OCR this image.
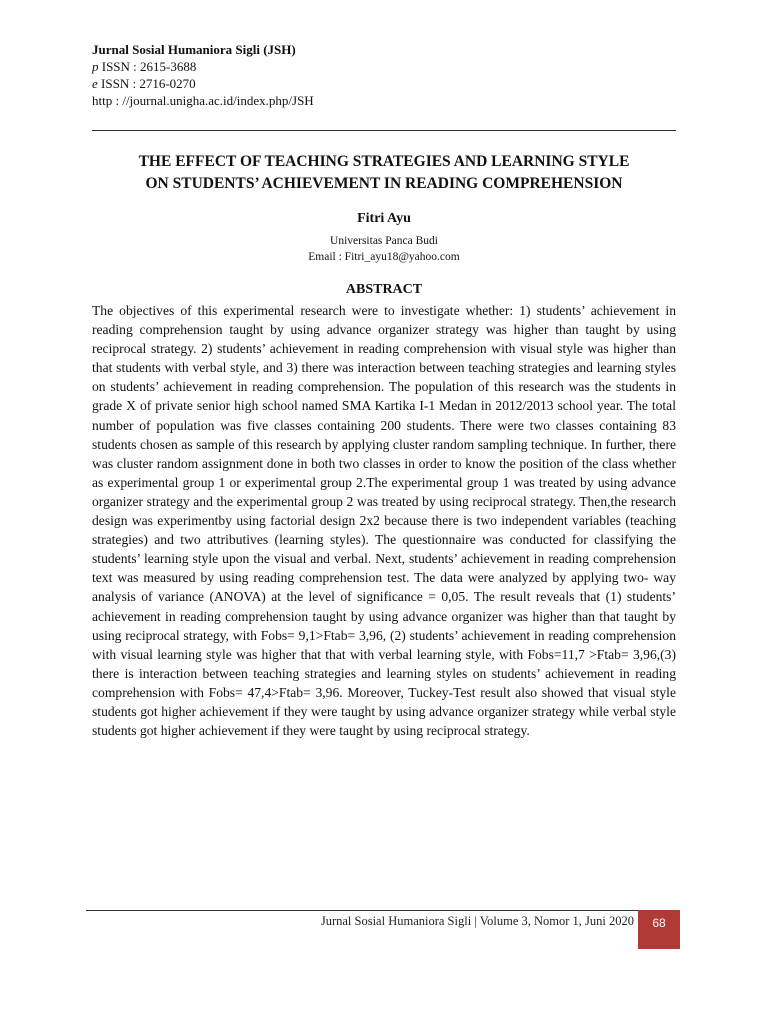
Jurnal Sosial Humaniora Sigli (JSH)
p ISSN : 2615-3688
e ISSN : 2716-0270
http : //journal.unigha.ac.id/index.php/JSH
THE EFFECT OF TEACHING STRATEGIES AND LEARNING STYLE
ON STUDENTS’ ACHIEVEMENT IN READING COMPREHENSION
Fitri Ayu
Universitas Panca Budi
Email : Fitri_ayu18@yahoo.com
ABSTRACT
The objectives of this experimental research were to investigate whether: 1) students’ achievement in reading comprehension taught by using advance organizer strategy was higher than taught by using reciprocal strategy. 2) students’ achievement in reading comprehension with visual style was higher than that students with verbal style, and 3) there was interaction between teaching strategies and learning styles on students’ achievement in reading comprehension. The population of this research was the students in grade X of private senior high school named SMA Kartika I-1 Medan in 2012/2013 school year. The total number of population was five classes containing 200 students. There were two classes containing 83 students chosen as sample of this research by applying cluster random sampling technique. In further, there was cluster random assignment done in both two classes in order to know the position of the class whether as experimental group 1 or experimental group 2.The experimental group 1 was treated by using advance organizer strategy and the experimental group 2 was treated by using reciprocal strategy. Then,the research design was experimentby using factorial design 2x2 because there is two independent variables (teaching strategies) and two attributives (learning styles). The questionnaire was conducted for classifying the students’ learning style upon the visual and verbal. Next, students’ achievement in reading comprehension text was measured by using reading comprehension test. The data were analyzed by applying two- way analysis of variance (ANOVA) at the level of significance = 0,05. The result reveals that (1) students’ achievement in reading comprehension taught by using advance organizer was higher than that taught by using reciprocal strategy, with Fobs= 9,1>Ftab= 3,96, (2) students’ achievement in reading comprehension with visual learning style was higher that that with verbal learning style, with Fobs=11,7 >Ftab= 3,96,(3) there is interaction between teaching strategies and learning styles on students’ achievement in reading comprehension with Fobs= 47,4>Ftab= 3,96. Moreover, Tuckey-Test result also showed that visual style students got higher achievement if they were taught by using advance organizer strategy while verbal style students got higher achievement if they were taught by using reciprocal strategy.
Jurnal Sosial Humaniora Sigli | Volume 3, Nomor 1, Juni 2020	68
